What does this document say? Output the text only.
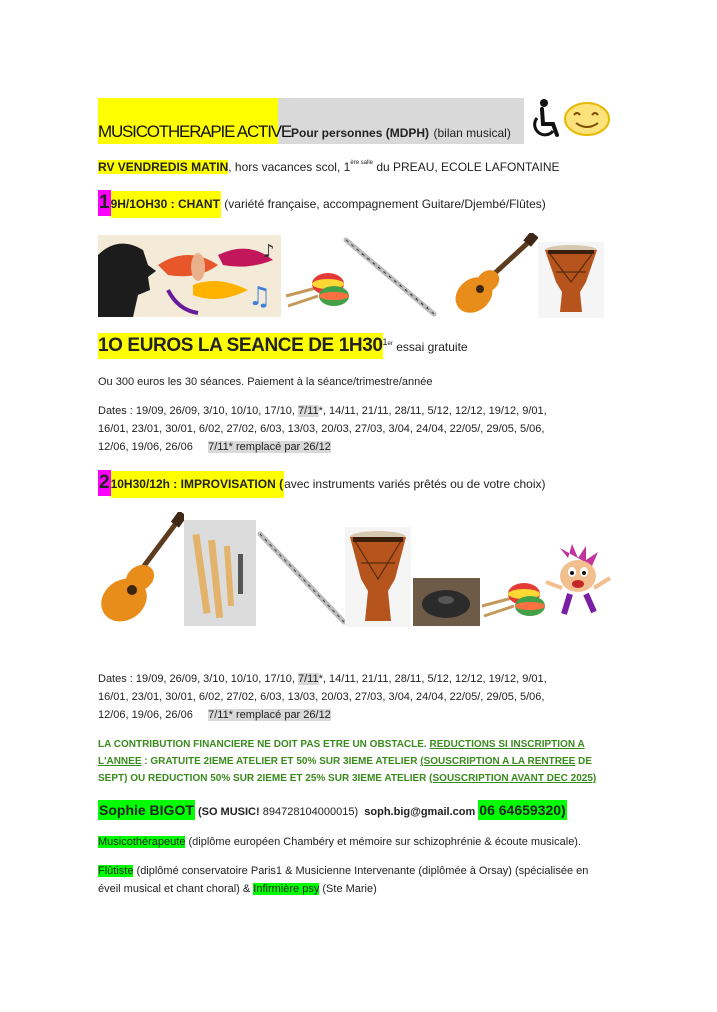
MUSICOTHERAPIE ACTIVEPour personnes (MDPH) (bilan musical)
RV VENDREDIS MATIN, hors vacances scol, $1^{ère salle}$ du PREAU, ECOLE LAFONTAINE
19H/1OH30 : CHANT (variété française, accompagnement Guitare/Djembé/Flûtes)
♫
♪
1O EUROS LA SEANCE DE $1H30^{1er}$ essai gratuite
Ou 300 euros les 30 séances. Paiement à la séance/trimestre/année
Dates : 19/09, 26/09, 3/10, 10/10, 17/10, 7/11*, 14/11, 21/11, 28/11, 5/12, 12/12, 19/12, 9/01,
16/01, 23/01, 30/01, 6/02, 27/02, 6/03, 13/03, 20/03, 27/03, 3/04, 24/04, 22/05/, 29/05, 5/06,
12/06, 19/06, 26/06     7/11* remplacé par 26/12
210H30/12h : IMPROVISATION (avec instruments variés prêtés ou de votre choix)
Dates : 19/09, 26/09, 3/10, 10/10, 17/10, 7/11*, 14/11, 21/11, 28/11, 5/12, 12/12, 19/12, 9/01,
16/01, 23/01, 30/01, 6/02, 27/02, 6/03, 13/03, 20/03, 27/03, 3/04, 24/04, 22/05/, 29/05, 5/06,
12/06, 19/06, 26/06     7/11* remplacé par 26/12
LA CONTRIBUTION FINANCIERE NE DOIT PAS ETRE UN OBSTACLE. REDUCTIONS SI INSCRIPTION A
L'ANNEE : GRATUITE 2IEME ATELIER ET 50% SUR 3IEME ATELIER (SOUSCRIPTION A LA RENTREE DE
SEPT) OU REDUCTION 50% SUR 2IEME ET 25% SUR 3IEME ATELIER (SOUSCRIPTION AVANT DEC 2025)
Sophie BIGOT (SO MUSIC! 894728104000015)  soph.big@gmail.com 06 64659320)
Musicothérapeute (diplôme européen Chambéry et mémoire sur schizophrénie & écoute musicale).
Flûtiste (diplômé conservatoire Paris1 & Musicienne Intervenante (diplômée à Orsay) (spécialisée en
éveil musical et chant choral) & Infirmière psy (Ste Marie)
